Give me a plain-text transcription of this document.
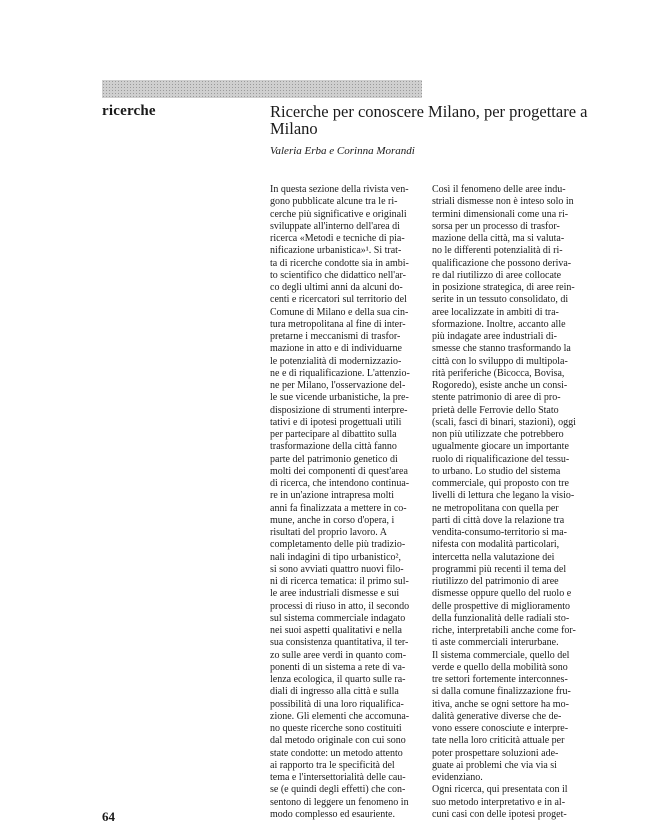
ricerche	Ricerche per conoscere Milano, per progettare a Milano

Valeria Erba e Corinna Morandi

In questa sezione della rivista ven-
gono pubblicate alcune tra le ri-
cerche più significative e originali
sviluppate all'interno dell'area di
ricerca «Metodi e tecniche di pia-
nificazione urbanistica»¹. Si trat-
ta di ricerche condotte sia in ambi-
to scientifico che didattico nell'ar-
co degli ultimi anni da alcuni do-
centi e ricercatori sul territorio del
Comune di Milano e della sua cin-
tura metropolitana al fine di inter-
pretarne i meccanismi di trasfor-
mazione in atto e di individuarne
le potenzialità di modernizzazio-
ne e di riqualificazione. L'attenzio-
ne per Milano, l'osservazione del-
le sue vicende urbanistiche, la pre-
disposizione di strumenti interpre-
tativi e di ipotesi progettuali utili
per partecipare al dibattito sulla
trasformazione della città fanno
parte del patrimonio genetico di
molti dei componenti di quest'area
di ricerca, che intendono continua-
re in un'azione intrapresa molti
anni fa finalizzata a mettere in co-
mune, anche in corso d'opera, i
risultati del proprio lavoro. A
completamento delle più tradizio-
nali indagini di tipo urbanistico²,
si sono avviati quattro nuovi filo-
ni di ricerca tematica: il primo sul-
le aree industriali dismesse e sui
processi di riuso in atto, il secondo
sul sistema commerciale indagato
nei suoi aspetti qualitativi e nella
sua consistenza quantitativa, il ter-
zo sulle aree verdi in quanto com-
ponenti di un sistema a rete di va-
lenza ecologica, il quarto sulle ra-
diali di ingresso alla città e sulla
possibilità di una loro riqualifica-
zione. Gli elementi che accomuna-
no queste ricerche sono costituiti
dal metodo originale con cui sono
state condotte: un metodo attento
ai rapporto tra le specificità del
tema e l'intersettorialità delle cau-
se (e quindi degli effetti) che con-
sentono di leggere un fenomeno in
modo complesso ed esauriente.

Così il fenomeno delle aree indu-
striali dismesse non è inteso solo in
termini dimensionali come una ri-
sorsa per un processo di trasfor-
mazione della città, ma si valuta-
no le differenti potenzialità di ri-
qualificazione che possono deriva-
re dal riutilizzo di aree collocate
in posizione strategica, di aree rein-
serite in un tessuto consolidato, di
aree localizzate in ambiti di tra-
sformazione. Inoltre, accanto alle
più indagate aree industriali di-
smesse che stanno trasformando la
città con lo sviluppo di multipola-
rità periferiche (Bicocca, Bovisa,
Rogoredo), esiste anche un consi-
stente patrimonio di aree di pro-
prietà delle Ferrovie dello Stato
(scali, fasci di binari, stazioni), oggi
non più utilizzate che potrebbero
ugualmente giocare un importante
ruolo di riqualificazione del tessu-
to urbano. Lo studio del sistema
commerciale, qui proposto con tre
livelli di lettura che legano la visio-
ne metropolitana con quella per
parti di città dove la relazione tra
vendita-consumo-territorio si ma-
nifesta con modalità particolari,
intercetta nella valutazione dei
programmi più recenti il tema del
riutilizzo del patrimonio di aree
dismesse oppure quello del ruolo e
delle prospettive di miglioramento
della funzionalità delle radiali sto-
riche, interpretabili anche come for-
ti aste commerciali interurbane.
Il sistema commerciale, quello del
verde e quello della mobilità sono
tre settori fortemente interconnes-
si dalla comune finalizzazione fru-
itiva, anche se ogni settore ha mo-
dalità generative diverse che de-
vono essere conosciute e interpre-
tate nella loro criticità attuale per
poter prospettare soluzioni ade-
guate ai problemi che via via si
evidenziano.
Ogni ricerca, qui presentata con il
suo metodo interpretativo e in al-
cuni casi con delle ipotesi proget-

64
